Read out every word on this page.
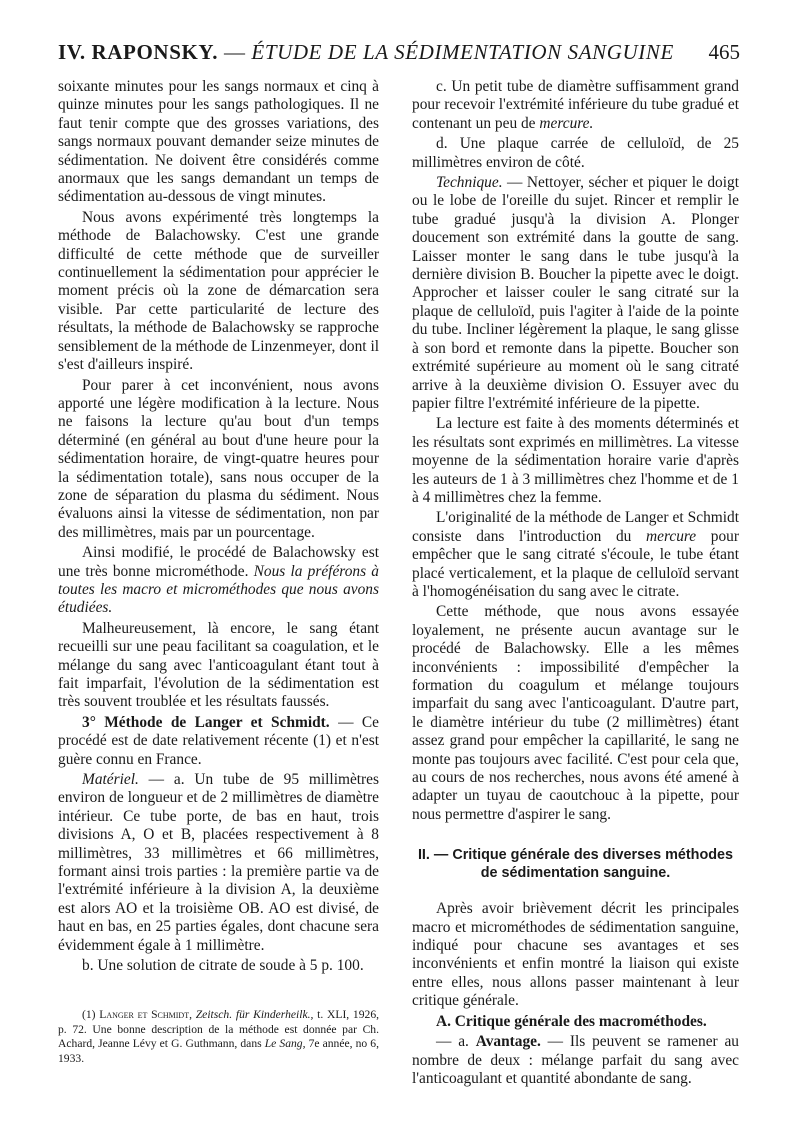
IV. RAPONSKY. — ÉTUDE DE LA SÉDIMENTATION SANGUINE 465

soixante minutes pour les sangs normaux et cinq à quinze minutes pour les sangs pathologiques. Il ne faut tenir compte que des grosses variations, des sangs normaux pouvant demander seize minutes de sédimentation. Ne doivent être considérés comme anormaux que les sangs demandant un temps de sédimentation au-dessous de vingt minutes.

Nous avons expérimenté très longtemps la méthode de Balachowsky. C'est une grande difficulté de cette méthode que de surveiller continuellement la sédimentation pour apprécier le moment précis où la zone de démarcation sera visible. Par cette particularité de lecture des résultats, la méthode de Balachowsky se rapproche sensiblement de la méthode de Linzenmeyer, dont il s'est d'ailleurs inspiré.

Pour parer à cet inconvénient, nous avons apporté une légère modification à la lecture. Nous ne faisons la lecture qu'au bout d'un temps déterminé (en général au bout d'une heure pour la sédimentation horaire, de vingt-quatre heures pour la sédimentation totale), sans nous occuper de la zone de séparation du plasma du sédiment. Nous évaluons ainsi la vitesse de sédimentation, non par des millimètres, mais par un pourcentage.

Ainsi modifié, le procédé de Balachowsky est une très bonne microméthode. Nous la préférons à toutes les macro et microméthodes que nous avons étudiées.

Malheureusement, là encore, le sang étant recueilli sur une peau facilitant sa coagulation, et le mélange du sang avec l'anticoagulant étant tout à fait imparfait, l'évolution de la sédimentation est très souvent troublée et les résultats faussés.

3° Méthode de Langer et Schmidt. — Ce procédé est de date relativement récente (1) et n'est guère connu en France.

Matériel. — a. Un tube de 95 millimètres environ de longueur et de 2 millimètres de diamètre intérieur. Ce tube porte, de bas en haut, trois divisions A, O et B, placées respectivement à 8 millimètres, 33 millimètres et 66 millimètres, formant ainsi trois parties : la première partie va de l'extrémité inférieure à la division A, la deuxième est alors AO et la troisième OB. AO est divisé, de haut en bas, en 25 parties égales, dont chacune sera évidemment égale à 1 millimètre.

b. Une solution de citrate de soude à 5 p. 100.

(1) Langer et Schmidt, Zeitsch. für Kinderheilk., t. XLI, 1926, p. 72. Une bonne description de la méthode est donnée par Ch. Achard, Jeanne Lévy et G. Guthmann, dans Le Sang, 7e année, no 6, 1933.

c. Un petit tube de diamètre suffisamment grand pour recevoir l'extrémité inférieure du tube gradué et contenant un peu de mercure.

d. Une plaque carrée de celluloïd, de 25 millimètres environ de côté.

Technique. — Nettoyer, sécher et piquer le doigt ou le lobe de l'oreille du sujet. Rincer et remplir le tube gradué jusqu'à la division A. Plonger doucement son extrémité dans la goutte de sang. Laisser monter le sang dans le tube jusqu'à la dernière division B. Boucher la pipette avec le doigt. Approcher et laisser couler le sang citraté sur la plaque de celluloïd, puis l'agiter à l'aide de la pointe du tube. Incliner légèrement la plaque, le sang glisse à son bord et remonte dans la pipette. Boucher son extrémité supérieure au moment où le sang citraté arrive à la deuxième division O. Essuyer avec du papier filtre l'extrémité inférieure de la pipette.

La lecture est faite à des moments déterminés et les résultats sont exprimés en millimètres. La vitesse moyenne de la sédimentation horaire varie d'après les auteurs de 1 à 3 millimètres chez l'homme et de 1 à 4 millimètres chez la femme.

L'originalité de la méthode de Langer et Schmidt consiste dans l'introduction du mercure pour empêcher que le sang citraté s'écoule, le tube étant placé verticalement, et la plaque de celluloïd servant à l'homogénéisation du sang avec le citrate.

Cette méthode, que nous avons essayée loyalement, ne présente aucun avantage sur le procédé de Balachowsky. Elle a les mêmes inconvénients : impossibilité d'empêcher la formation du coagulum et mélange toujours imparfait du sang avec l'anticoagulant. D'autre part, le diamètre intérieur du tube (2 millimètres) étant assez grand pour empêcher la capillarité, le sang ne monte pas toujours avec facilité. C'est pour cela que, au cours de nos recherches, nous avons été amené à adapter un tuyau de caoutchouc à la pipette, pour nous permettre d'aspirer le sang.

II. — Critique générale des diverses méthodes
de sédimentation sanguine.

Après avoir brièvement décrit les principales macro et microméthodes de sédimentation sanguine, indiqué pour chacune ses avantages et ses inconvénients et enfin montré la liaison qui existe entre elles, nous allons passer maintenant à leur critique générale.

A. Critique générale des macrométhodes.

— a. Avantage. — Ils peuvent se ramener au nombre de deux : mélange parfait du sang avec l'anticoagulant et quantité abondante de sang.
